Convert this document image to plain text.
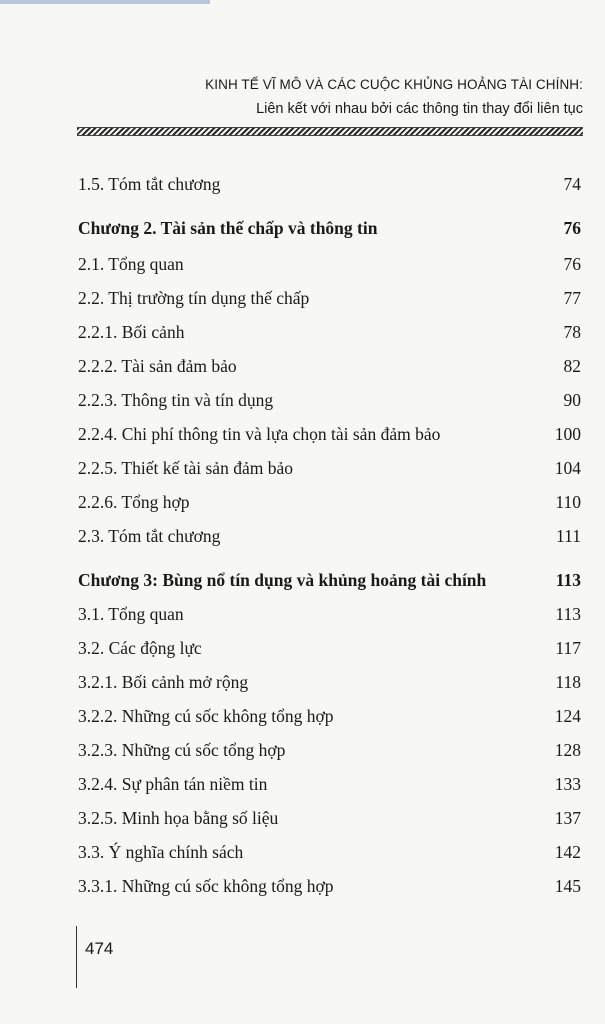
KINH TẾ VĨ MÔ VÀ CÁC CUỘC KHỦNG HOẢNG TÀI CHÍNH:
Liên kết với nhau bởi các thông tin thay đổi liên tục
1.5. Tóm tắt chương	74
Chương 2. Tài sản thế chấp và thông tin	76
2.1. Tổng quan	76
2.2. Thị trường tín dụng thế chấp	77
2.2.1. Bối cảnh	78
2.2.2. Tài sản đảm bảo	82
2.2.3. Thông tin và tín dụng	90
2.2.4. Chi phí thông tin và lựa chọn tài sản đảm bảo	100
2.2.5. Thiết kế tài sản đảm bảo	104
2.2.6. Tổng hợp	110
2.3. Tóm tắt chương	111
Chương 3: Bùng nổ tín dụng và khủng hoảng tài chính	113
3.1. Tổng quan	113
3.2. Các động lực	117
3.2.1. Bối cảnh mở rộng	118
3.2.2. Những cú sốc không tổng hợp	124
3.2.3. Những cú sốc tổng hợp	128
3.2.4. Sự phân tán niềm tin	133
3.2.5. Minh họa bằng số liệu	137
3.3. Ý nghĩa chính sách	142
3.3.1. Những cú sốc không tổng hợp	145
474
